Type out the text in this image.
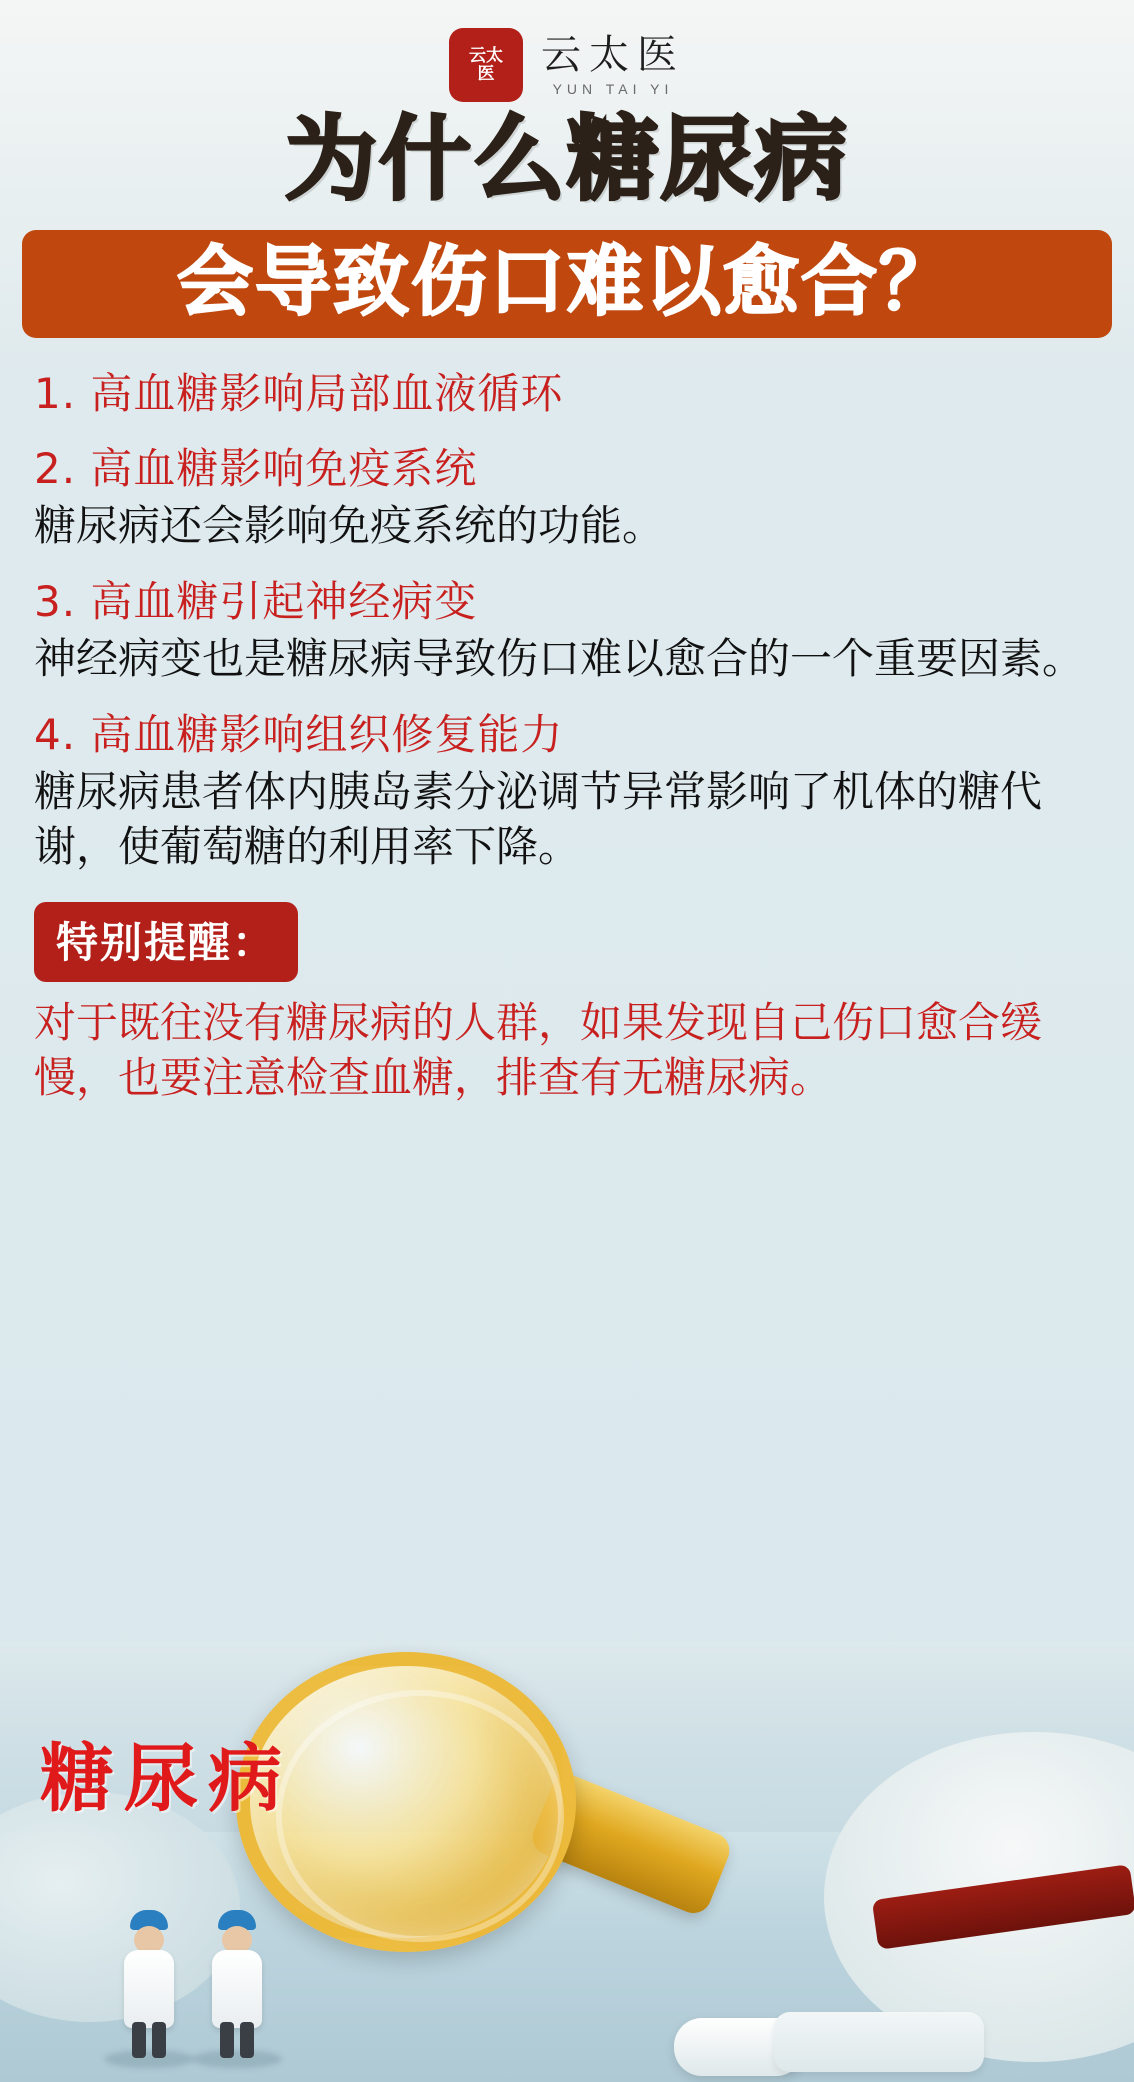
云太
医 云太医
YUN TAI YI
为什么糖尿病
会导致伤口难以愈合？
1. 高血糖影响局部血液循环
2. 高血糖影响免疫系统
糖尿病还会影响免疫系统的功能。
3. 高血糖引起神经病变
神经病变也是糖尿病导致伤口难以愈合的一个重要因素。
4. 高血糖影响组织修复能力
糖尿病患者体内胰岛素分泌调节异常影响了机体的糖代谢，使葡萄糖的利用率下降。
特别提醒：
对于既往没有糖尿病的人群，如果发现自己伤口愈合缓慢，也要注意检查血糖，排查有无糖尿病。
糖尿病
